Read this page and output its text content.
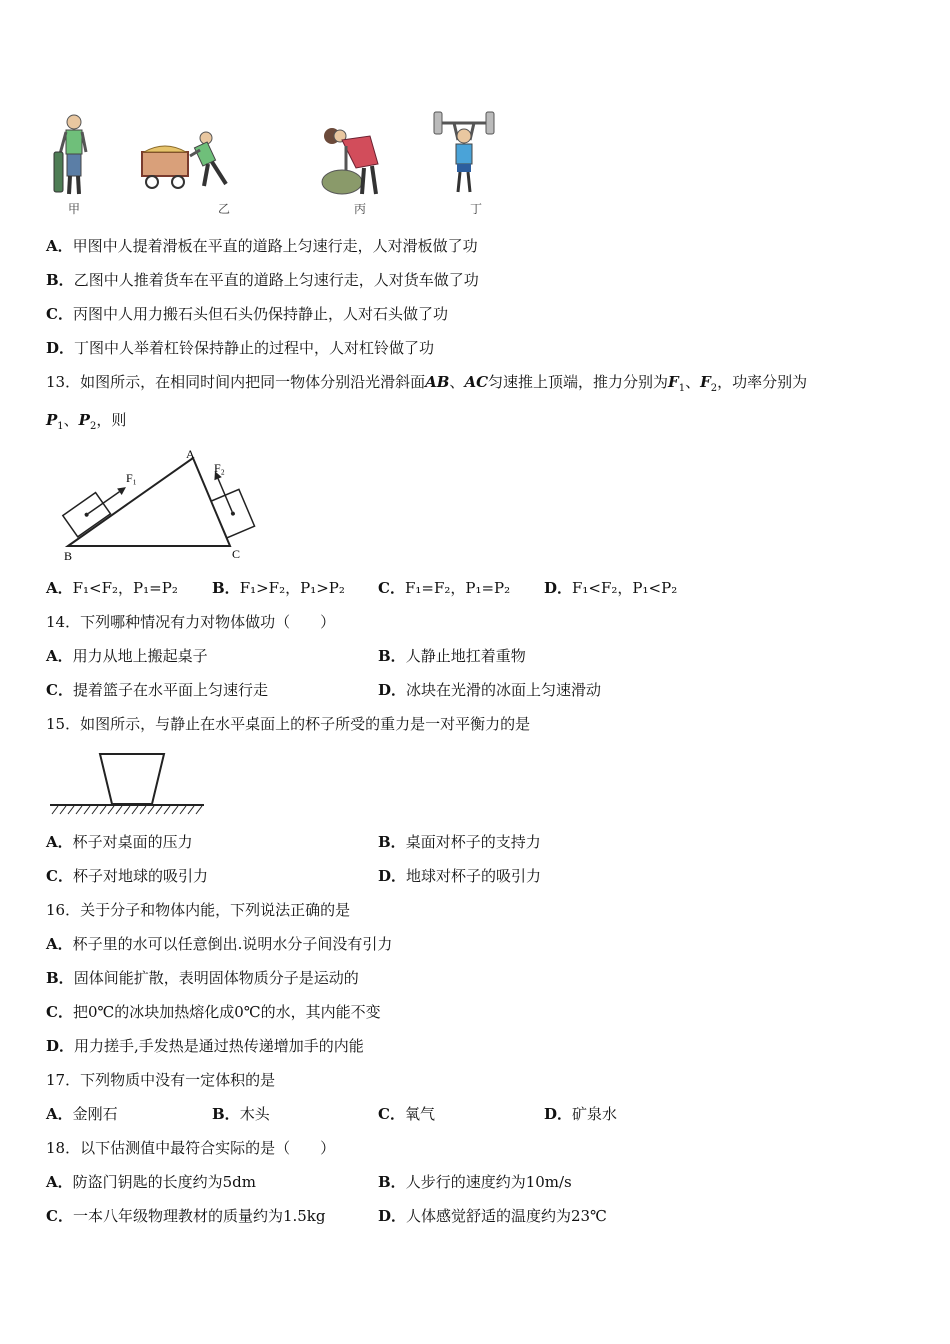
甲	乙	丙	丁
A．甲图中人提着滑板在平直的道路上匀速行走，人对滑板做了功
B．乙图中人推着货车在平直的道路上匀速行走，人对货车做了功
C．丙图中人用力搬石头但石头仍保持静止，人对石头做了功
D．丁图中人举着杠铃保持静止的过程中，人对杠铃做了功
13．如图所示，在相同时间内把同一物体分别沿光滑斜面AB、AC匀速推上顶端，推力分别为$F_1$、$F_2$，功率分别为
$P_1$、$P_2$，则
A
B	C
F₁
F₂
A．F₁<F₂，P₁=P₂ B．F₁>F₂，P₁>P₂ C．F₁=F₂，P₁=P₂ D．F₁<F₂，P₁<P₂
14．下列哪种情况有力对物体做功（　　）
A．用力从地上搬起桌子	B．人静止地扛着重物
C．提着篮子在水平面上匀速行走	D．冰块在光滑的冰面上匀速滑动
15．如图所示，与静止在水平桌面上的杯子所受的重力是一对平衡力的是
A．杯子对桌面的压力	B．桌面对杯子的支持力
C．杯子对地球的吸引力	D．地球对杯子的吸引力
16．关于分子和物体内能，下列说法正确的是
A．杯子里的水可以任意倒出.说明水分子间没有引力
B．固体间能扩散，表明固体物质分子是运动的
C．把0℃的冰块加热熔化成0℃的水，其内能不变
D．用力搓手,手发热是通过热传递增加手的内能
17．下列物质中没有一定体积的是
A．金刚石	B．木头	C．氧气	D．矿泉水
18．以下估测值中最符合实际的是（　　）
A．防盗门钥匙的长度约为5dm	B．人步行的速度约为10m/s
C．一本八年级物理教材的质量约为1.5kg	D．人体感觉舒适的温度约为23℃
